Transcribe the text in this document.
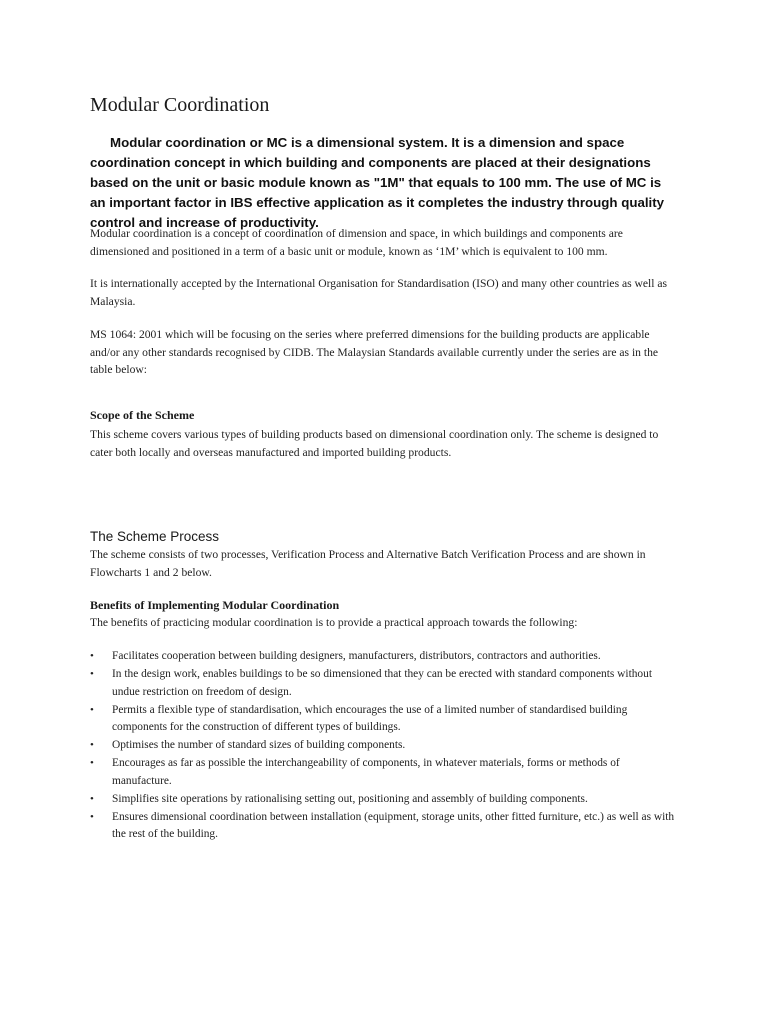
Modular Coordination

Modular coordination or MC is a dimensional system. It is a dimension and space coordination concept in which building and components are placed at their designations based on the unit or basic module known as "1M" that equals to 100 mm. The use of MC is an important factor in IBS effective application as it completes the industry through quality control and increase of productivity.

Modular coordination is a concept of coordination of dimension and space, in which buildings and components are dimensioned and positioned in a term of a basic unit or module, known as ‘1M’ which is equivalent to 100 mm.

It is internationally accepted by the International Organisation for Standardisation (ISO) and many other countries as well as Malaysia.

MS 1064: 2001 which will be focusing on the series where preferred dimensions for the building products are applicable and/or any other standards recognised by CIDB. The Malaysian Standards available currently under the series are as in the table below:

Scope of the Scheme

This scheme covers various types of building products based on dimensional coordination only. The scheme is designed to cater both locally and overseas manufactured and imported building products.

The Scheme Process

The scheme consists of two processes, Verification Process and Alternative Batch Verification Process and are shown in Flowcharts 1 and 2 below.

Benefits of Implementing Modular Coordination

The benefits of practicing modular coordination is to provide a practical approach towards the following:

• Facilitates cooperation between building designers, manufacturers, distributors, contractors and authorities.
• In the design work, enables buildings to be so dimensioned that they can be erected with standard components without undue restriction on freedom of design.
• Permits a flexible type of standardisation, which encourages the use of a limited number of standardised building components for the construction of different types of buildings.
• Optimises the number of standard sizes of building components.
• Encourages as far as possible the interchangeability of components, in whatever materials, forms or methods of manufacture.
• Simplifies site operations by rationalising setting out, positioning and assembly of building components.
• Ensures dimensional coordination between installation (equipment, storage units, other fitted furniture, etc.) as well as with the rest of the building.
